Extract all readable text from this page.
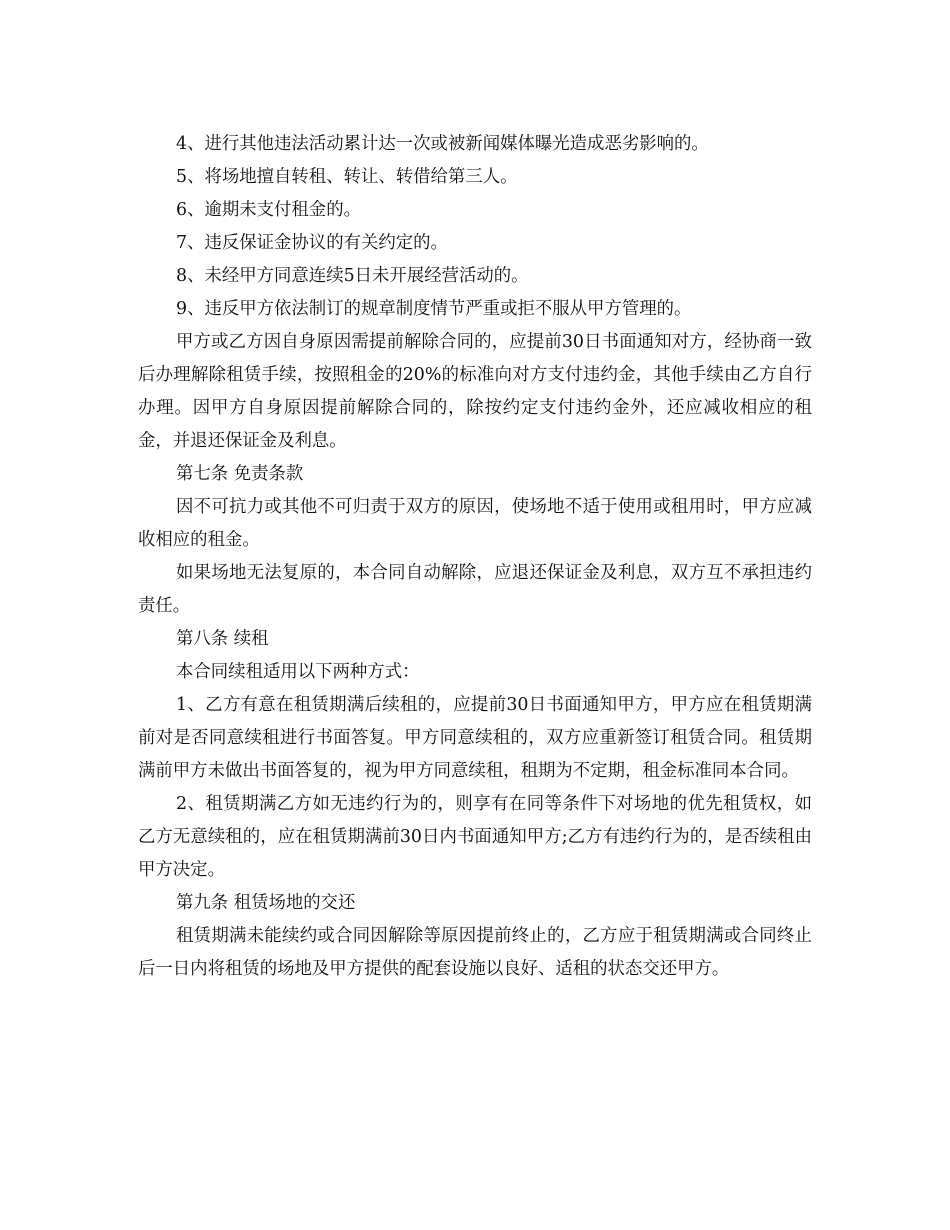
4、进行其他违法活动累计达一次或被新闻媒体曝光造成恶劣影响的。

5、将场地擅自转租、转让、转借给第三人。

6、逾期未支付租金的。

7、违反保证金协议的有关约定的。

8、未经甲方同意连续5日未开展经营活动的。

9、违反甲方依法制订的规章制度情节严重或拒不服从甲方管理的。

甲方或乙方因自身原因需提前解除合同的，应提前30日书面通知对方，经协商一致后办理解除租赁手续，按照租金的20%的标准向对方支付违约金，其他手续由乙方自行办理。因甲方自身原因提前解除合同的，除按约定支付违约金外，还应减收相应的租金，并退还保证金及利息。

第七条 免责条款

因不可抗力或其他不可归责于双方的原因，使场地不适于使用或租用时，甲方应减收相应的租金。

如果场地无法复原的，本合同自动解除，应退还保证金及利息，双方互不承担违约责任。

第八条 续租

本合同续租适用以下两种方式：

1、乙方有意在租赁期满后续租的，应提前30日书面通知甲方，甲方应在租赁期满前对是否同意续租进行书面答复。甲方同意续租的，双方应重新签订租赁合同。租赁期满前甲方未做出书面答复的，视为甲方同意续租，租期为不定期，租金标准同本合同。

2、租赁期满乙方如无违约行为的，则享有在同等条件下对场地的优先租赁权，如乙方无意续租的，应在租赁期满前30日内书面通知甲方;乙方有违约行为的，是否续租由甲方决定。

第九条 租赁场地的交还

租赁期满未能续约或合同因解除等原因提前终止的，乙方应于租赁期满或合同终止后一日内将租赁的场地及甲方提供的配套设施以良好、适租的状态交还甲方。
